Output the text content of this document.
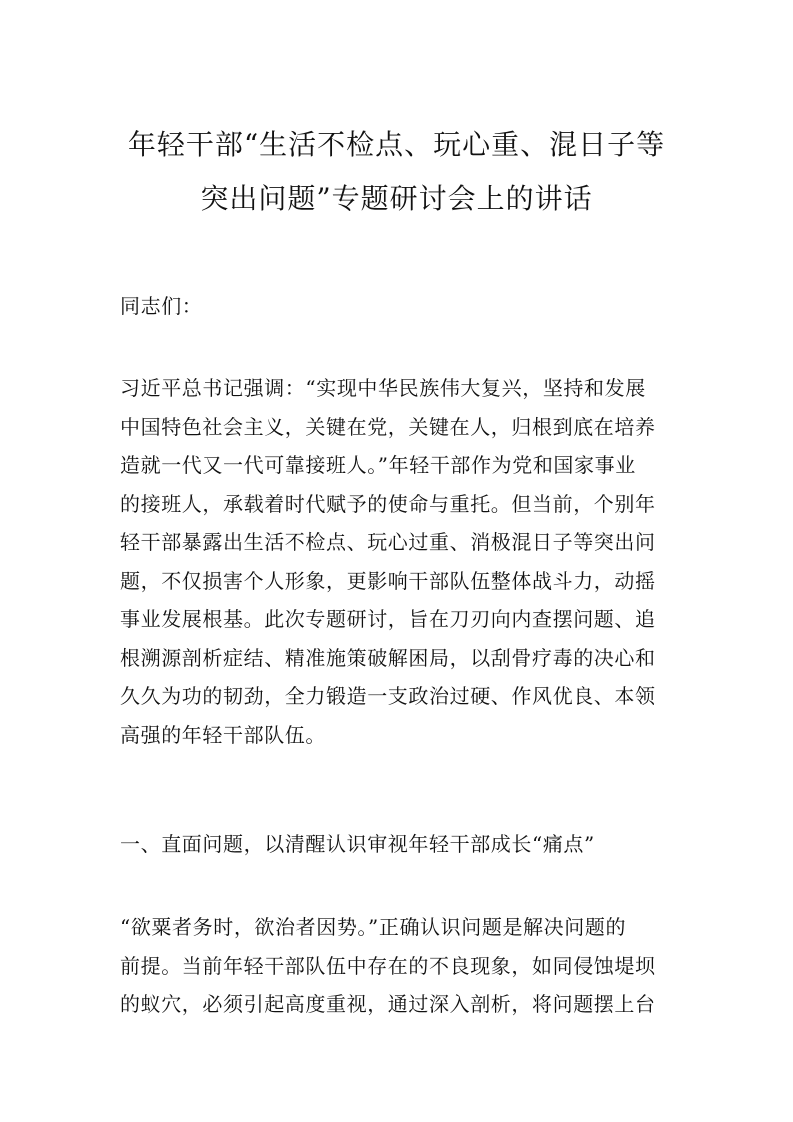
年轻干部“生活不检点、玩心重、混日子等
突出问题”专题研讨会上的讲话

同志们：

习近平总书记强调：“实现中华民族伟大复兴，坚持和发展
中国特色社会主义，关键在党，关键在人，归根到底在培养
造就一代又一代可靠接班人。”年轻干部作为党和国家事业
的接班人，承载着时代赋予的使命与重托。但当前，个别年
轻干部暴露出生活不检点、玩心过重、消极混日子等突出问
题，不仅损害个人形象，更影响干部队伍整体战斗力，动摇
事业发展根基。此次专题研讨，旨在刀刃向内查摆问题、追
根溯源剖析症结、精准施策破解困局，以刮骨疗毒的决心和
久久为功的韧劲，全力锻造一支政治过硬、作风优良、本领
高强的年轻干部队伍。

一、直面问题，以清醒认识审视年轻干部成长“痛点”

“欲粟者务时，欲治者因势。”正确认识问题是解决问题的
前提。当前年轻干部队伍中存在的不良现象，如同侵蚀堤坝
的蚁穴，必须引起高度重视，通过深入剖析，将问题摆上台
